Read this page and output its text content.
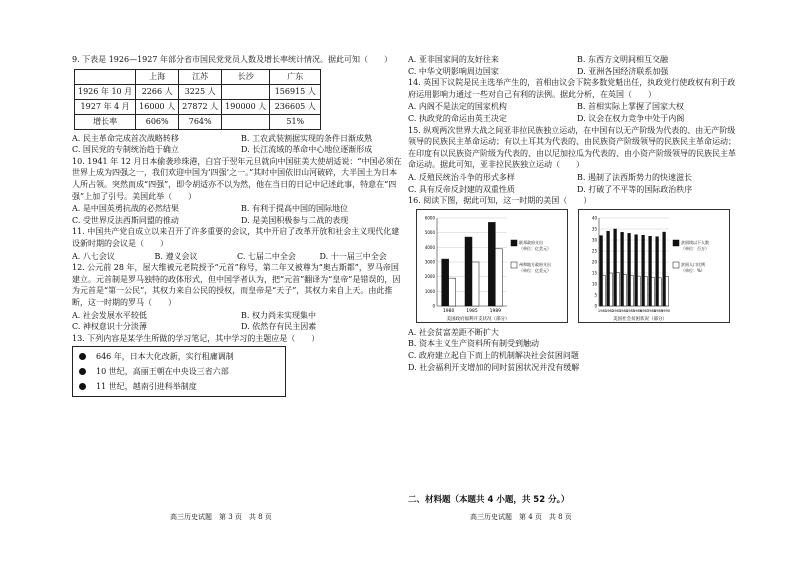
9. 下表是 1926—1927 年部分省市国民党党员人数及增长率统计情况。据此可知（　　）

	上海	江苏	长沙	广东
1926 年 10 月	2266 人	3225 人		156915 人
1927 年 4 月	16000 人	27872 人	190000 人	236605 人
增长率	606%	764%		51%
A. 民主革命完成首次战略转移	B. 工农武装割据实现的条件日渐成熟
C. 国民党的专制统治趋于确立	D. 长江流域的革命中心地位逐渐形成

10. 1941 年 12 月日本偷袭珍珠港，白宫于翌年元旦就向中国驻美大使胡适说：“中国必须在世界上成为四强之一，我们欢迎中国为‘四强’之一。”其时中国依旧山河破碎，大半国土为日本人所占领。突然而成“四强”，即令胡适亦不以为然，他在当日的日记中记述此事，特意在“四强”上加了引号。美国此举（　　）

A. 是中国英勇抗战的必然结果	B. 有利于提高中国的国际地位
C. 受世界反法西斯同盟的推动	D. 是美国积极参与二战的表现

11. 中国共产党自成立以来召开了许多重要的会议，其中开启了改革开放和社会主义现代化建设新时期的会议是（　　）

A. 八七会议	B. 遵义会议	C. 七届二中全会	D. 十一届三中全会

12. 公元前 28 年，屋大维被元老院授予“元首”称号，第二年又被尊为“奥古斯都”，罗马帝国建立。元首制是罗马独特的政体形式，但中国学者认为，把“元首”翻译为“皇帝”是错误的，因为元首是“第一公民”，其权力来自公民的授权，而皇帝是“天子”，其权力来自上天。由此推断，这一时期的罗马（　　）

A. 社会发展水平较低	B. 权力尚未实现集中
C. 神权意识十分淡薄	D. 依然存有民主因素

13. 下列内容是某学生所做的学习笔记，其中学习的主题应是（　　）

646 年，日本大化改新，实行租庸调制
10 世纪，高丽王朝在中央设三省六部
11 世纪，越南引进科举制度
高三历史试题　第 3 页　共 8 页
A. 亚非国家间的友好往来	B. 东西方文明间相互交融
C. 中华文明影响周边国家	D. 亚洲各国经济联系加强

14. 英国下议院是民主选举产生的，首相由议会下院多数党魁出任，执政党行使政权有利于政府运用影响力通过一些对自己有利的法例。据此分析，在英国（　　）

A. 内阁不是法定的国家机构	B. 首相实际上掌握了国家大权
C. 执政党的命运由英王决定	D. 议会在权力竞争中处于内阁

15. 纵观两次世界大战之间亚非拉民族独立运动，在中国有以无产阶级为代表的、由无产阶级领导的民族民主革命运动；有以土耳其为代表的、由民族资产阶级领导的民族民主革命运动；在印度有以民族资产阶级为代表的、由以尼加拉瓜为代表的、由小资产阶级领导的民族民主革命运动。据此可知，亚非拉民族独立运动（　　）

A. 反殖民统治斗争的形式多样	B. 遏制了法西斯势力的快速滋长
C. 具有反帝反封建的双重性质	D. 打破了不平等的国际政治秩序

16. 阅读下图，据此可知，这一时期的美国（　　）

0
1000
2000
3000
4000
5000
6000
1980	1985	1989
联邦政府支出
（单位：亿美元）
州和地方政府支出
（单位：亿美元）
美国政府福利开支状况（部分）
0
5
10
15
20
25
30
35
40
1981
1982
1983
1984
1985
1986
1987
1988
1989
1990
贫困线以下人数
（单位：百万）
贫困人口比例
（单位：%）
美国社会贫困状况（部分）

A. 社会贫富差距不断扩大

B. 资本主义生产资料所有制受到触动

C. 政府建立起自下而上的机制解决社会贫困问题

D. 社会福利开支增加的同时贫困状况并没有缓解

二、材料题（本题共 4 小题，共 52 分。）
高三历史试题　第 4 页　共 8 页
